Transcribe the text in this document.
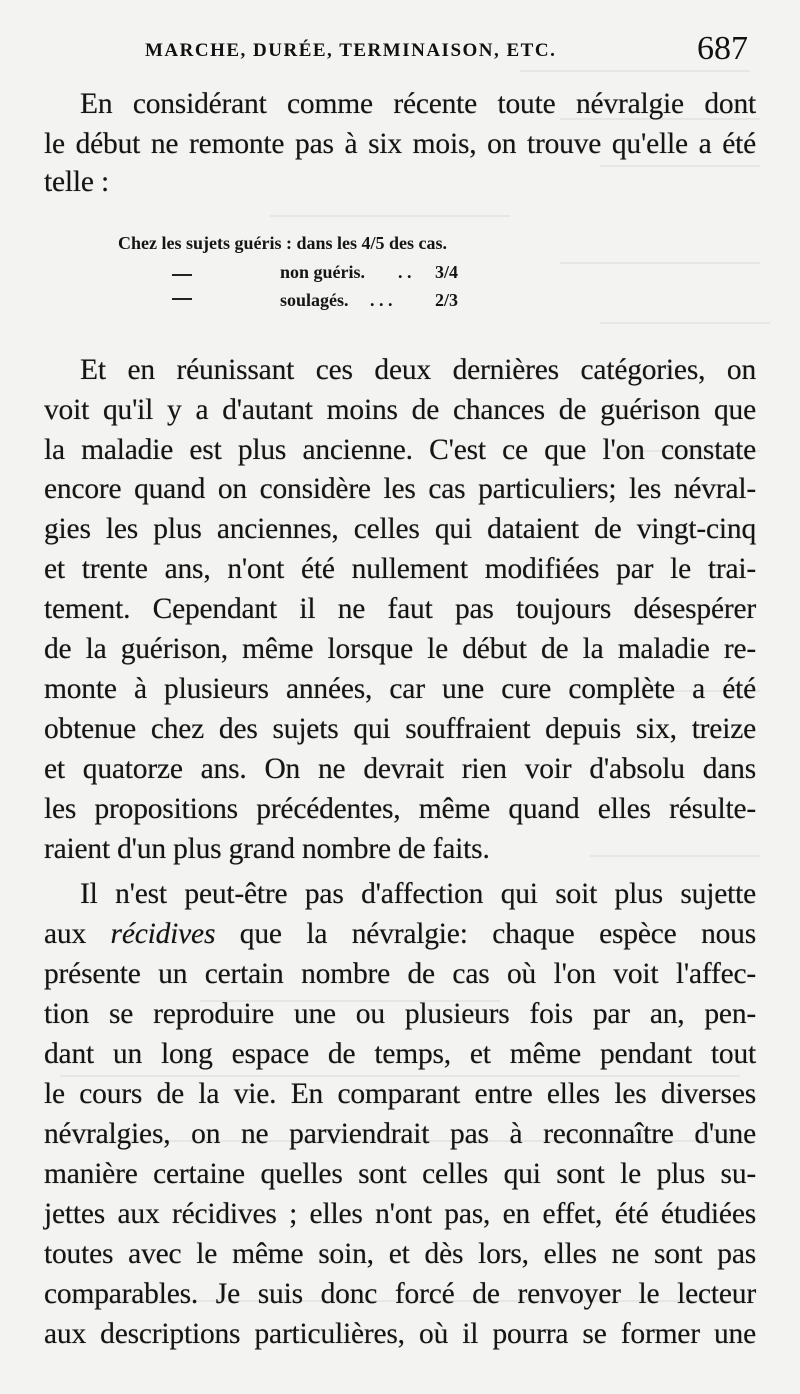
MARCHE, DURÉE, TERMINAISON, ETC.	687
En considérant comme récente toute névralgie dont
le début ne remonte pas à six mois, on trouve qu'elle a été
telle :
Chez les sujets guéris : dans les 4/5 des cas.
non guéris. . . 3/4
soulagés. . . . 2/3
Et en réunissant ces deux dernières catégories, on
voit qu'il y a d'autant moins de chances de guérison que
la maladie est plus ancienne. C'est ce que l'on constate
encore quand on considère les cas particuliers; les névral-
gies les plus anciennes, celles qui dataient de vingt-cinq
et trente ans, n'ont été nullement modifiées par le trai-
tement. Cependant il ne faut pas toujours désespérer
de la guérison, même lorsque le début de la maladie re-
monte à plusieurs années, car une cure complète a été
obtenue chez des sujets qui souffraient depuis six, treize
et quatorze ans. On ne devrait rien voir d'absolu dans
les propositions précédentes, même quand elles résulte-
raient d'un plus grand nombre de faits.
Il n'est peut-être pas d'affection qui soit plus sujette
aux récidives que la névralgie: chaque espèce nous
présente un certain nombre de cas où l'on voit l'affec-
tion se reproduire une ou plusieurs fois par an, pen-
dant un long espace de temps, et même pendant tout
le cours de la vie. En comparant entre elles les diverses
névralgies, on ne parviendrait pas à reconnaître d'une
manière certaine quelles sont celles qui sont le plus su-
jettes aux récidives ; elles n'ont pas, en effet, été étudiées
toutes avec le même soin, et dès lors, elles ne sont pas
comparables. Je suis donc forcé de renvoyer le lecteur
aux descriptions particulières, où il pourra se former une
